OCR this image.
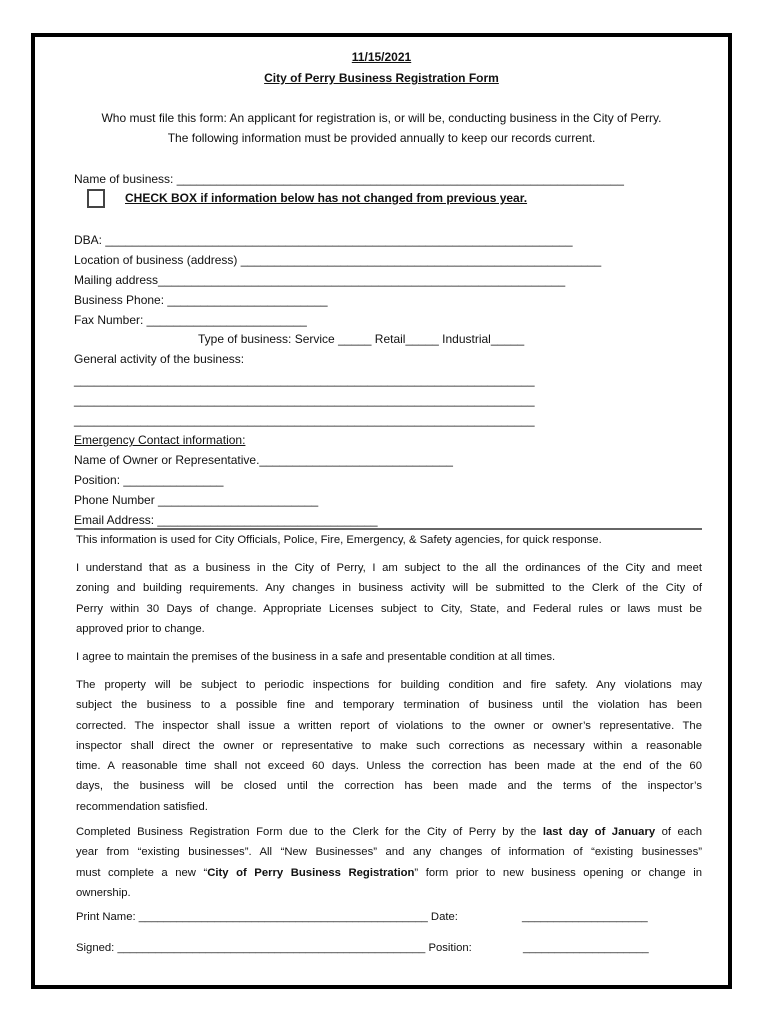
11/15/2021
City of Perry Business Registration Form
Who must file this form: An applicant for registration is, or will be, conducting business in the City of Perry.
The following information must be provided annually to keep our records current.
Name of business: ___________________________________________________________________
CHECK BOX if information below has not changed from previous year.
DBA: ______________________________________________________________________
Location of business (address) ______________________________________________________
Mailing address_____________________________________________________________
Business Phone: ________________________
Fax Number: ________________________
Type of business: Service _____ Retail_____ Industrial_____
General activity of the business:
_____________________________________________________________________
_____________________________________________________________________
_____________________________________________________________________
Emergency Contact information:
Name of Owner or Representative._____________________________
Position: _______________
Phone Number ________________________
Email Address: _________________________________
This information is used for City Officials, Police, Fire, Emergency, & Safety agencies, for quick response.
I understand that as a business in the City of Perry, I am subject to the all the ordinances of the City and meet
zoning and building requirements. Any changes in business activity will be submitted to the Clerk of the City of
Perry within 30 Days of change. Appropriate Licenses subject to City, State, and Federal rules or laws must be
approved prior to change.
I agree to maintain the premises of the business in a safe and presentable condition at all times.
The property will be subject to periodic inspections for building condition and fire safety. Any violations may
subject the business to a possible fine and temporary termination of business until the violation has been
corrected. The inspector shall issue a written report of violations to the owner or owner’s representative. The
inspector shall direct the owner or representative to make such corrections as necessary within a reasonable
time. A reasonable time shall not exceed 60 days. Unless the correction has been made at the end of the 60
days, the business will be closed until the correction has been made and the terms of the inspector’s
recommendation satisfied.
Completed Business Registration Form due to the Clerk for the City of Perry by the last day of January of each
year from “existing businesses”. All “New Businesses” and any changes of information of “existing businesses”
must complete a new “City of Perry Business Registration” form prior to new business opening or change in
ownership.
Print Name: ______________________________________________ Date:	____________________
Signed: _________________________________________________ Position:	____________________
